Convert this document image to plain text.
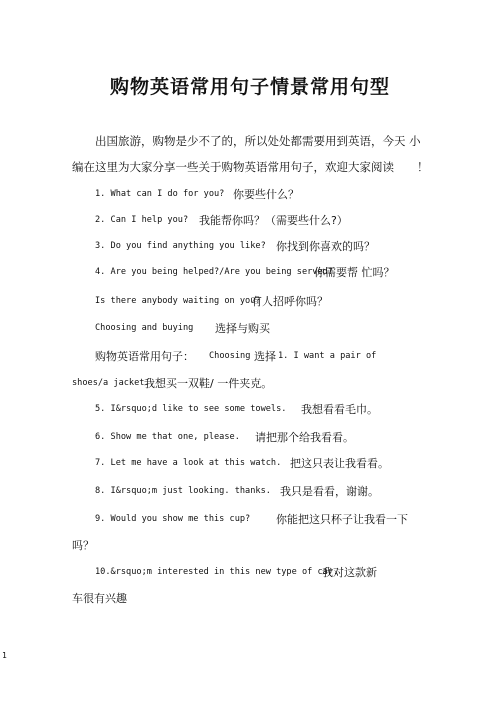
购物英语常用句子情景常用句型
出国旅游，购物是少不了的，所以处处都需要用到英语，今天 小
编在这里为大家分享一些关于购物英语常用句子，欢迎大家阅读　　！
1. What can I do for you? 你要些什么？
2. Can I help you? 我能帮你吗？（需要些什么?）
3. Do you find anything you like? 你找到你喜欢的吗？
4. Are you being helped?/Are you being served?
你需要帮 忙吗？
Is there anybody waiting on you?
有人招呼你吗？
Choosing and buying 选择与购买
购物英语常用句子： Choosing 选择 1. I want a pair of
shoes/a jacket.
我想买一双鞋/ 一件夹克。
5. I&rsquo;d like to see some towels. 我想看看毛巾。
6. Show me that one, please. 请把那个给我看看。
7. Let me have a look at this watch. 把这只表让我看看。
8. I&rsquo;m just looking. thanks. 我只是看看，谢谢。
9. Would you show me this cup? 你能把这只杯子让我看一下
吗？
10.&rsquo;m interested in this new type of car.
我对这款新
车很有兴趣
1
